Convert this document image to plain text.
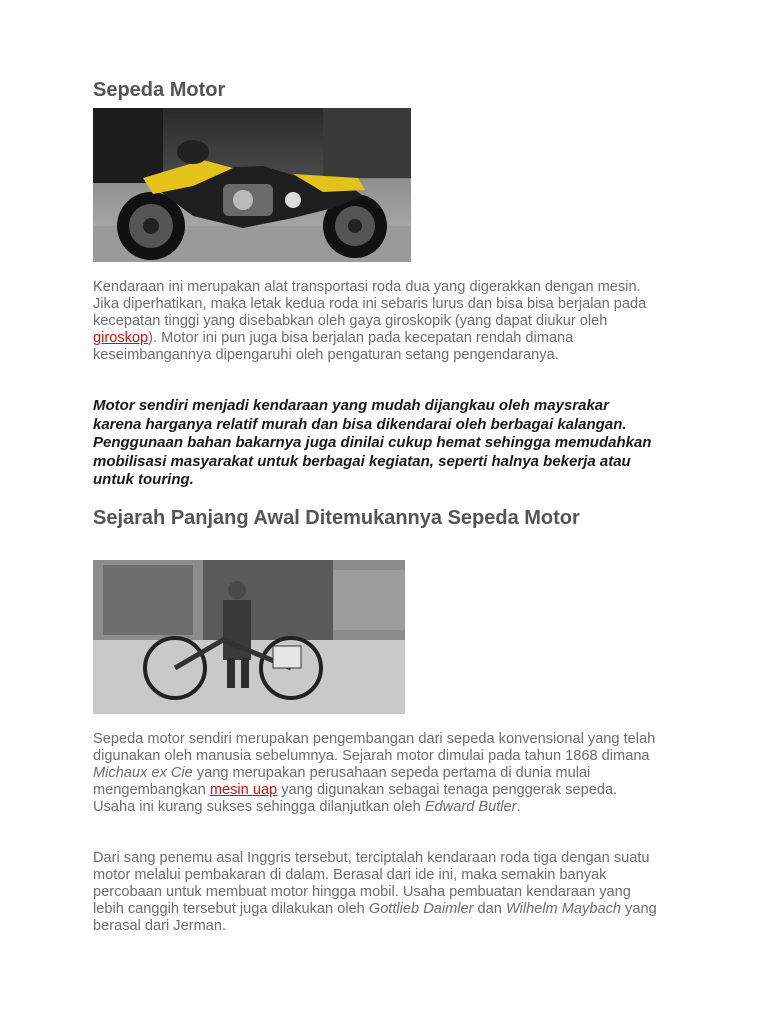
Sepeda Motor

Kendaraan ini merupakan alat transportasi roda dua yang digerakkan dengan mesin. Jika diperhatikan, maka letak kedua roda ini sebaris lurus dan bisa bisa berjalan pada kecepatan tinggi yang disebabkan oleh gaya giroskopik (yang dapat diukur oleh giroskop). Motor ini pun juga bisa berjalan pada kecepatan rendah dimana keseimbangannya dipengaruhi oleh pengaturan setang pengendaranya.

Motor sendiri menjadi kendaraan yang mudah dijangkau oleh maysrakar karena harganya relatif murah dan bisa dikendarai oleh berbagai kalangan. Penggunaan bahan bakarnya juga dinilai cukup hemat sehingga memudahkan mobilisasi masyarakat untuk berbagai kegiatan, seperti halnya bekerja atau untuk touring.

Sejarah Panjang Awal Ditemukannya Sepeda Motor

Sepeda motor sendiri merupakan pengembangan dari sepeda konvensional yang telah digunakan oleh manusia sebelumnya. Sejarah motor dimulai pada tahun 1868 dimana Michaux ex Cie yang merupakan perusahaan sepeda pertama di dunia mulai mengembangkan mesin uap yang digunakan sebagai tenaga penggerak sepeda. Usaha ini kurang sukses sehingga dilanjutkan oleh Edward Butler.

Dari sang penemu asal Inggris tersebut, terciptalah kendaraan roda tiga dengan suatu motor melalui pembakaran di dalam. Berasal dari ide ini, maka semakin banyak percobaan untuk membuat motor hingga mobil. Usaha pembuatan kendaraan yang lebih canggih tersebut juga dilakukan oleh Gottlieb Daimler dan Wilhelm Maybach yang berasal dari Jerman.
